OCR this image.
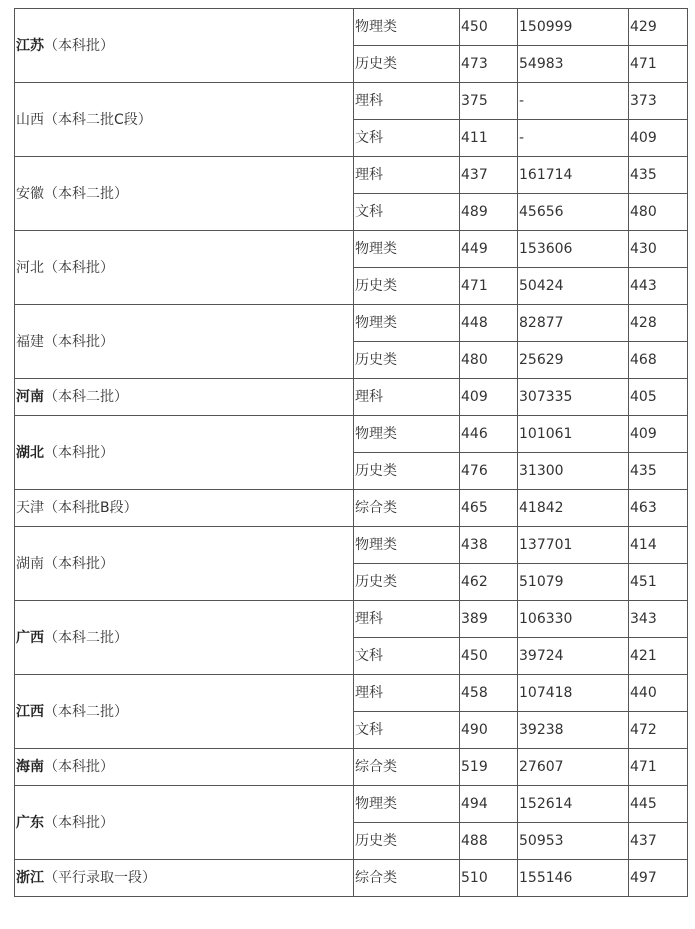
江苏（本科批）	物理类	450	150999	429
	历史类	473	54983	471
山西（本科二批C段）	理科	375	-	373
	文科	411	-	409
安徽（本科二批）	理科	437	161714	435
	文科	489	45656	480
河北（本科批）	物理类	449	153606	430
	历史类	471	50424	443
福建（本科批）	物理类	448	82877	428
	历史类	480	25629	468
河南（本科二批）	理科	409	307335	405
湖北（本科批）	物理类	446	101061	409
	历史类	476	31300	435
天津（本科批B段）	综合类	465	41842	463
湖南（本科批）	物理类	438	137701	414
	历史类	462	51079	451
广西（本科二批）	理科	389	106330	343
	文科	450	39724	421
江西（本科二批）	理科	458	107418	440
	文科	490	39238	472
海南（本科批）	综合类	519	27607	471
广东（本科批）	物理类	494	152614	445
	历史类	488	50953	437
浙江（平行录取一段）	综合类	510	155146	497
